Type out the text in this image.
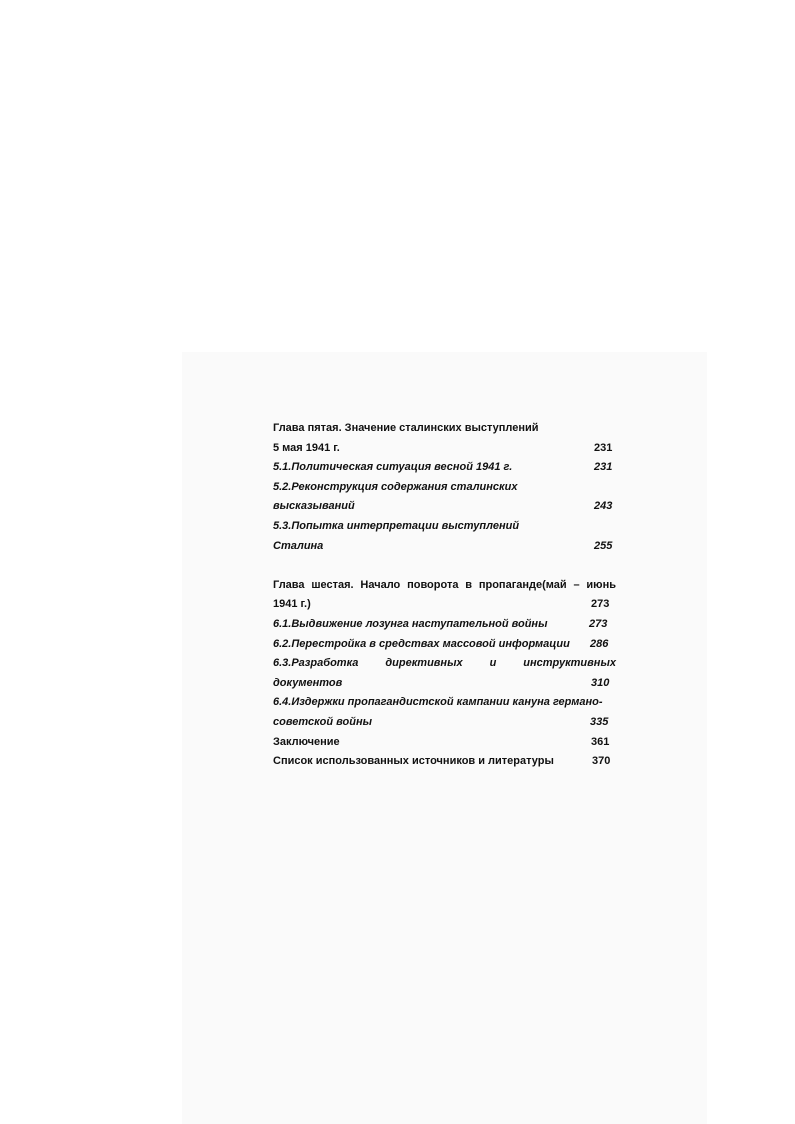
Глава пятая. Значение сталинских выступлений
5 мая 1941 г.	231
5.1.Политическая ситуация весной 1941 г.	231
5.2.Реконструкция содержания сталинских
высказываний	243
5.3.Попытка интерпретации выступлений
Сталина	255
Глава шестая. Начало поворота в пропаганде(май – июнь
1941 г.)	273
6.1.Выдвижение лозунга наступательной войны	273
6.2.Перестройка в средствах массовой информации 286
6.3.Разработка директивных и инструктивных
документов	310
6.4.Издержки пропагандистской кампании кануна германо-
советской войны	335
Заключение	361
Список использованных источников и литературы	370
